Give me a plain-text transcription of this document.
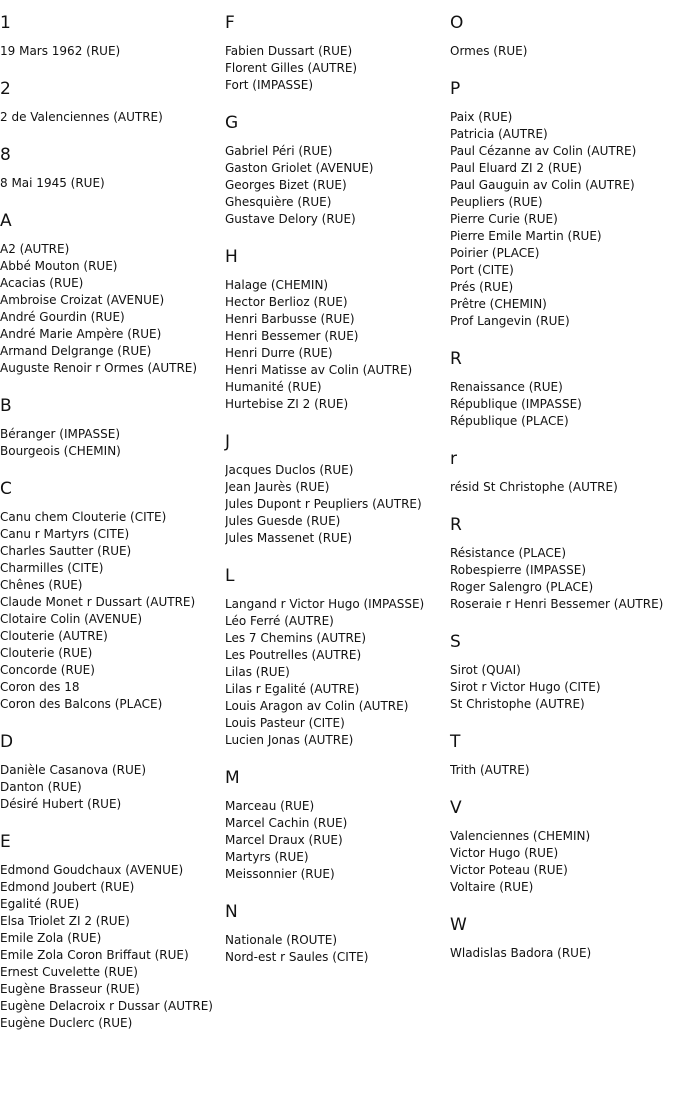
1
19 Mars 1962 (RUE)
2
2 de Valenciennes (AUTRE)
8
8 Mai 1945 (RUE)
A
A2 (AUTRE)
Abbé Mouton (RUE)
Acacias (RUE)
Ambroise Croizat (AVENUE)
André Gourdin (RUE)
André Marie Ampère (RUE)
Armand Delgrange (RUE)
Auguste Renoir r Ormes (AUTRE)
B
Béranger (IMPASSE)
Bourgeois (CHEMIN)
C
Canu chem Clouterie (CITE)
Canu r Martyrs (CITE)
Charles Sautter (RUE)
Charmilles (CITE)
Chênes (RUE)
Claude Monet r Dussart (AUTRE)
Clotaire Colin (AVENUE)
Clouterie (AUTRE)
Clouterie (RUE)
Concorde (RUE)
Coron des 18
Coron des Balcons (PLACE)
D
Danièle Casanova (RUE)
Danton (RUE)
Désiré Hubert (RUE)
E
Edmond Goudchaux (AVENUE)
Edmond Joubert (RUE)
Egalité (RUE)
Elsa Triolet ZI 2 (RUE)
Emile Zola (RUE)
Emile Zola Coron Briffaut (RUE)
Ernest Cuvelette (RUE)
Eugène Brasseur (RUE)
Eugène Delacroix r Dussar (AUTRE)
Eugène Duclerc (RUE)
F
Fabien Dussart (RUE)
Florent Gilles (AUTRE)
Fort (IMPASSE)
G
Gabriel Péri (RUE)
Gaston Griolet (AVENUE)
Georges Bizet (RUE)
Ghesquière (RUE)
Gustave Delory (RUE)
H
Halage (CHEMIN)
Hector Berlioz (RUE)
Henri Barbusse (RUE)
Henri Bessemer (RUE)
Henri Durre (RUE)
Henri Matisse av Colin (AUTRE)
Humanité (RUE)
Hurtebise ZI 2 (RUE)
J
Jacques Duclos (RUE)
Jean Jaurès (RUE)
Jules Dupont r Peupliers (AUTRE)
Jules Guesde (RUE)
Jules Massenet (RUE)
L
Langand r Victor Hugo (IMPASSE)
Léo Ferré (AUTRE)
Les 7 Chemins (AUTRE)
Les Poutrelles (AUTRE)
Lilas (RUE)
Lilas r Egalité (AUTRE)
Louis Aragon av Colin (AUTRE)
Louis Pasteur (CITE)
Lucien Jonas (AUTRE)
M
Marceau (RUE)
Marcel Cachin (RUE)
Marcel Draux (RUE)
Martyrs (RUE)
Meissonnier (RUE)
N
Nationale (ROUTE)
Nord-est r Saules (CITE)
O
Ormes (RUE)
P
Paix (RUE)
Patricia (AUTRE)
Paul Cézanne av Colin (AUTRE)
Paul Eluard ZI 2 (RUE)
Paul Gauguin av Colin (AUTRE)
Peupliers (RUE)
Pierre Curie (RUE)
Pierre Emile Martin (RUE)
Poirier (PLACE)
Port (CITE)
Prés (RUE)
Prêtre (CHEMIN)
Prof Langevin (RUE)
R
Renaissance (RUE)
République (IMPASSE)
République (PLACE)
r
résid St Christophe (AUTRE)
R
Résistance (PLACE)
Robespierre (IMPASSE)
Roger Salengro (PLACE)
Roseraie r Henri Bessemer (AUTRE)
S
Sirot (QUAI)
Sirot r Victor Hugo (CITE)
St Christophe (AUTRE)
T
Trith (AUTRE)
V
Valenciennes (CHEMIN)
Victor Hugo (RUE)
Victor Poteau (RUE)
Voltaire (RUE)
W
Wladislas Badora (RUE)
